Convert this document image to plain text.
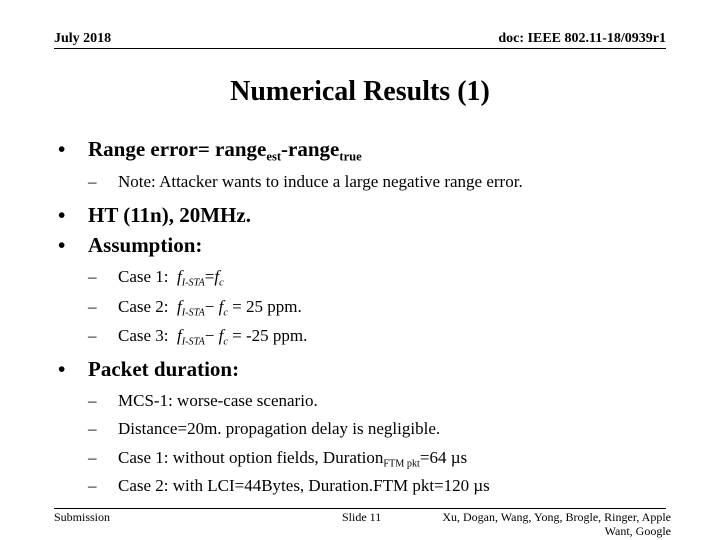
July 2018	doc: IEEE 802.11-18/0939r1
Numerical Results (1)
• Range error= range$_{est}$-range$_{true}$
– Note: Attacker wants to induce a large negative range error.
• HT (11n), 20MHz.
• Assumption:
– Case 1: $f_{I-STA}=f_c$
– Case 2: $f_{I-STA}- f_c = 25$ ppm.
– Case 3: $f_{I-STA}- f_c = -25$ ppm.
• Packet duration:
– MCS-1: worse-case scenario.
– Distance=20m. propagation delay is negligible.
– Case 1: without option fields, Duration$_{FTM pkt}$=64 µs
– Case 2: with LCI=44Bytes, Duration.FTM pkt=120 µs
Submission	Slide 11	Xu, Dogan, Wang, Yong, Brogle, Ringer, Apple
Want, Google
